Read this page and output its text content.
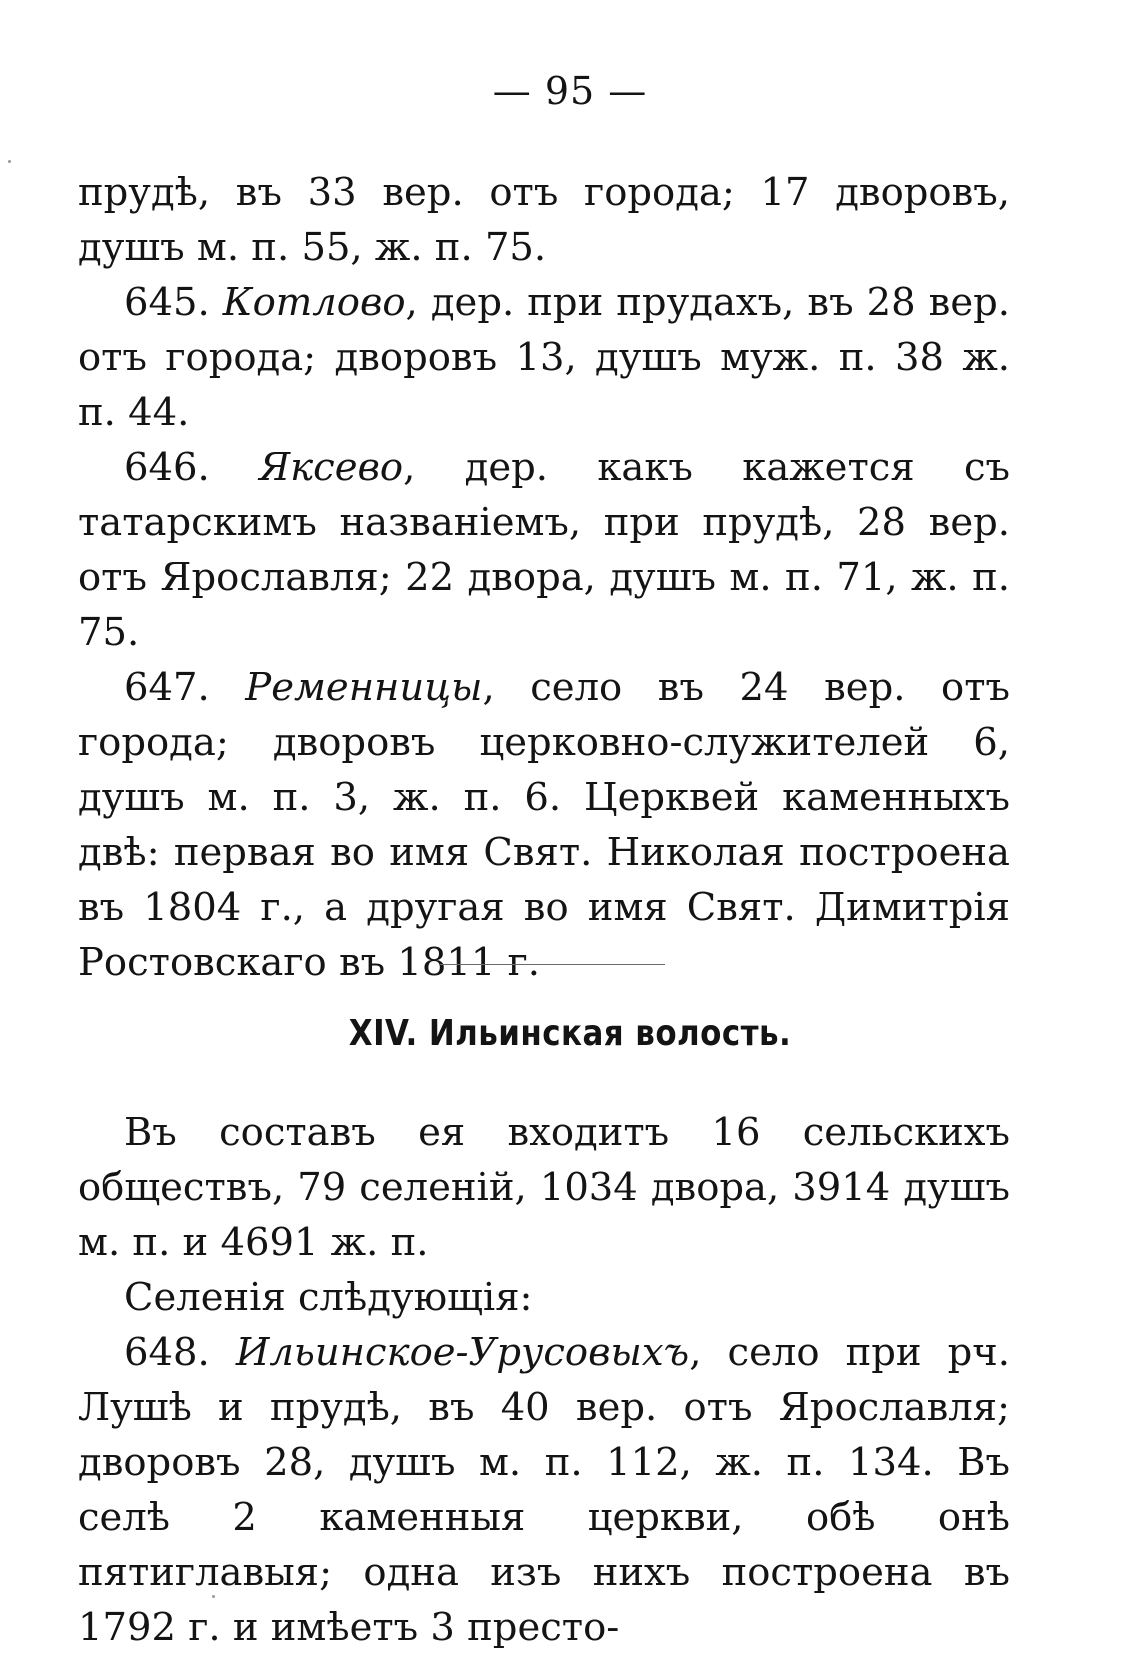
— 95 —

прудѣ, въ 33 вер. отъ города; 17 дворовъ, душъ м. п. 55, ж. п. 75.

645. Котлово, дер. при прудахъ, въ 28 вер. отъ города; дворовъ 13, душъ муж. п. 38 ж. п. 44.

646. Яксево, дер. какъ кажется съ татарскимъ названіемъ, при прудѣ, 28 вер. отъ Ярославля; 22 двора, душъ м. п. 71, ж. п. 75.

647. Ременницы, село въ 24 вер. отъ города; дворовъ церковно-служителей 6, душъ м. п. 3, ж. п. 6. Церквей каменныхъ двѣ: первая во имя Свят. Николая построена въ 1804 г., а другая во имя Свят. Димитрія Ростовскаго въ 1811 г.

XIV. Ильинская волость.

Въ составъ ея входитъ 16 сельскихъ обществъ, 79 селеній, 1034 двора, 3914 душъ м. п. и 4691 ж. п.

Селенія слѣдующія:

648. Ильинское-Урусовыхъ, село при рч. Лушѣ и прудѣ, въ 40 вер. отъ Ярославля; дворовъ 28, душъ м. п. 112, ж. п. 134. Въ селѣ 2 каменныя церкви, обѣ онѣ пятиглавыя; одна изъ нихъ построена въ 1792 г. и имѣетъ 3 престо-
